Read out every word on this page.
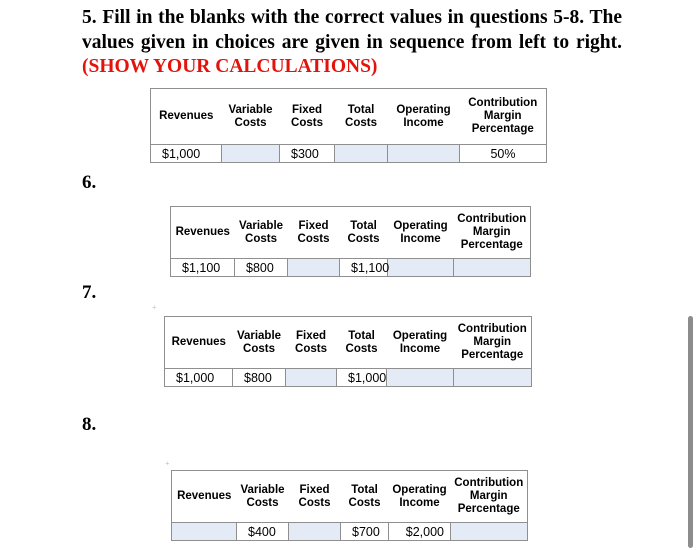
5. Fill in the blanks with the correct values in questions 5-8. The values given in choices are given in sequence from left to right. (SHOW YOUR CALCULATIONS)
Revenues	Variable Costs	Fixed Costs	Total Costs	Operating Income	Contribution Margin Percentage
$1,000		$300			50%
6.
Revenues	Variable Costs	Fixed Costs	Total Costs	Operating Income	Contribution Margin Percentage
$1,100	$800		$1,100		
7.
+
Revenues	Variable Costs	Fixed Costs	Total Costs	Operating Income	Contribution Margin Percentage
$1,000	$800		$1,000		
8.
+
Revenues	Variable Costs	Fixed Costs	Total Costs	Operating Income	Contribution Margin Percentage
	$400		$700	$2,000	
